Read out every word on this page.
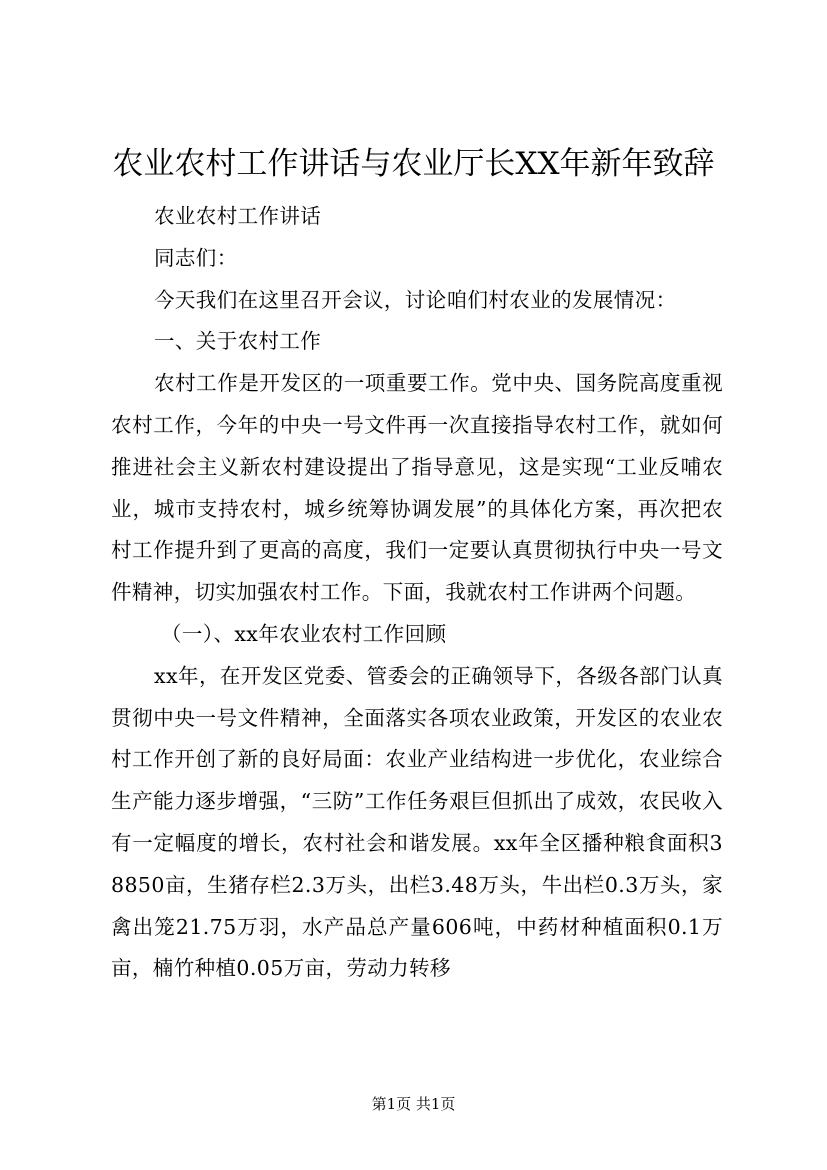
农业农村工作讲话与农业厅长XX年新年致辞

农业农村工作讲话

同志们：

今天我们在这里召开会议，讨论咱们村农业的发展情况：

一、关于农村工作

农村工作是开发区的一项重要工作。党中央、国务院高度重视农村工作，今年的中央一号文件再一次直接指导农村工作，就如何推进社会主义新农村建设提出了指导意见，这是实现“工业反哺农业，城市支持农村，城乡统筹协调发展”的具体化方案，再次把农村工作提升到了更高的高度，我们一定要认真贯彻执行中央一号文件精神，切实加强农村工作。下面，我就农村工作讲两个问题。

（一）、xx年农业农村工作回顾

xx年，在开发区党委、管委会的正确领导下，各级各部门认真贯彻中央一号文件精神，全面落实各项农业政策，开发区的农业农村工作开创了新的良好局面：农业产业结构进一步优化，农业综合生产能力逐步增强，“三防”工作任务艰巨但抓出了成效，农民收入有一定幅度的增长，农村社会和谐发展。xx年全区播种粮食面积38850亩，生猪存栏2.3万头，出栏3.48万头，牛出栏0.3万头，家禽出笼21.75万羽，水产品总产量606吨，中药材种植面积0.1万亩，楠竹种植0.05万亩，劳动力转移

第1页 共1页
